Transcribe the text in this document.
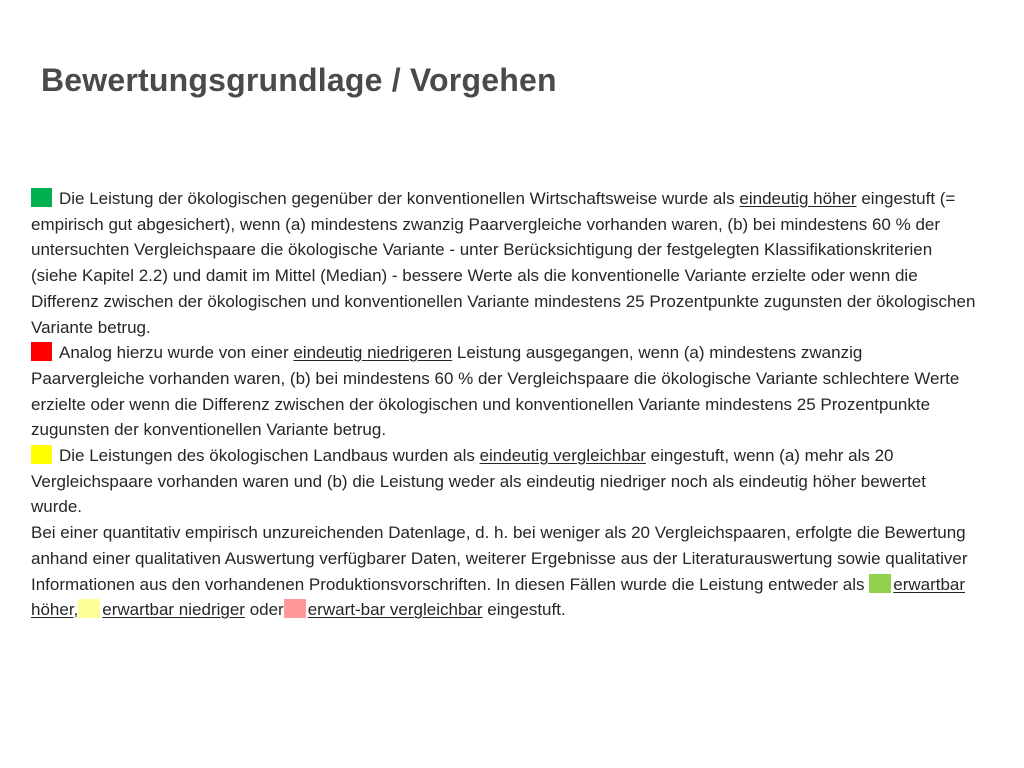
Bewertungsgrundlage / Vorgehen

Die Leistung der ökologischen gegenüber der konventionellen Wirtschaftsweise wurde als eindeutig höher eingestuft (= empirisch gut abgesichert), wenn (a) mindestens zwanzig Paarvergleiche vorhanden waren, (b) bei mindestens 60 % der untersuchten Vergleichspaare die ökologische Variante - unter Berücksichtigung der festgelegten Klassifikationskriterien (siehe Kapitel 2.2) und damit im Mittel (Median) - bessere Werte als die konventionelle Variante erzielte oder wenn die Differenz zwischen der ökologischen und konventionellen Variante mindestens 25 Prozentpunkte zugunsten der ökologischen Variante betrug.

Analog hierzu wurde von einer eindeutig niedrigeren Leistung ausgegangen, wenn (a) mindestens zwanzig Paarvergleiche vorhanden waren, (b) bei mindestens 60 % der Vergleichspaare die ökologische Variante schlechtere Werte erzielte oder wenn die Differenz zwischen der ökologischen und konventionellen Variante mindestens 25 Prozentpunkte zugunsten der konventionellen Variante betrug.

Die Leistungen des ökologischen Landbaus wurden als eindeutig vergleichbar eingestuft, wenn (a) mehr als 20 Vergleichspaare vorhanden waren und (b) die Leistung weder als eindeutig niedriger noch als eindeutig höher bewertet wurde.

Bei einer quantitativ empirisch unzureichenden Datenlage, d. h. bei weniger als 20 Vergleichspaaren, erfolgte die Bewertung anhand einer qualitativen Auswertung verfügbarer Daten, weiterer Ergebnisse aus der Literaturauswertung sowie qualitativer Informationen aus den vorhandenen Produktionsvorschriften. In diesen Fällen wurde die Leistung entweder als erwartbar höher, erwartbar niedriger oder erwart-bar vergleichbar eingestuft.
